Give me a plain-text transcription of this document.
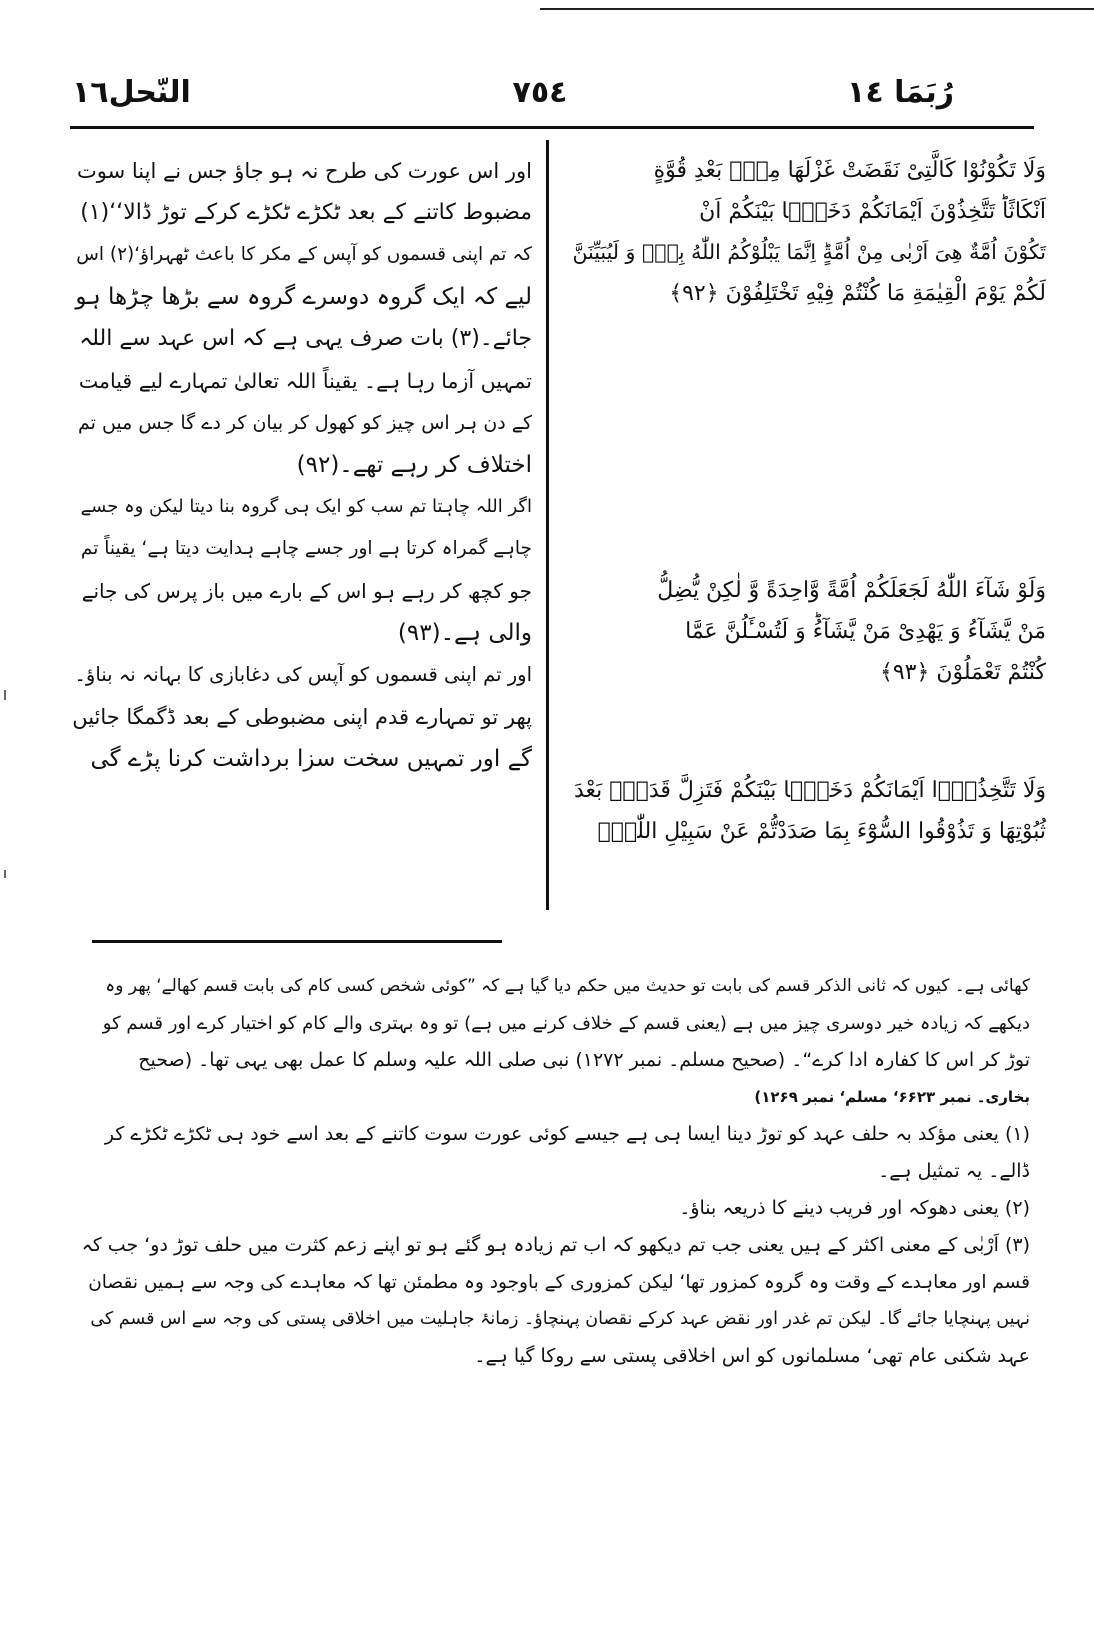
النّحل١٦	٧٥٤	رُبَمَا ١٤
وَلَا تَكُوْنُوْا كَالَّتِیْ نَقَضَتْ غَزْلَهَا مِنْۢ بَعْدِ قُوَّةٍ
اَنْكَاثًاؕ تَتَّخِذُوْنَ اَیْمَانَكُمْ دَخَلًۢا بَیْنَكُمْ اَنْ
تَكُوْنَ اُمَّةٌ هِیَ اَرْبٰی مِنْ اُمَّةٍؕ اِنَّمَا یَبْلُوْكُمُ اللّٰهُ بِهٖؕ وَ لَیُبَیِّنَنَّ
لَكُمْ یَوْمَ الْقِیٰمَةِ مَا كُنْتُمْ فِیْهِ تَخْتَلِفُوْنَ ﴿۹۲﴾
وَلَوْ شَآءَ اللّٰهُ لَجَعَلَكُمْ اُمَّةً وَّاحِدَةً وَّ لٰكِنْ یُّضِلُّ
مَنْ یَّشَآءُ وَ یَهْدِیْ مَنْ یَّشَآءُؕ وَ لَتُسْـَٔلُنَّ عَمَّا
كُنْتُمْ تَعْمَلُوْنَ ﴿۹۳﴾
وَلَا تَتَّخِذُوْۤا اَیْمَانَكُمْ دَخَلًۢا بَیْنَكُمْ فَتَزِلَّ قَدَمٌۢ بَعْدَ
ثُبُوْتِهَا وَ تَذُوْقُوا السُّوْٓءَ بِمَا صَدَدْتُّمْ عَنْ سَبِیْلِ اللّٰهِۚ
اور اس عورت کی طرح نہ ہو جاؤ جس نے اپنا سوت
مضبوط کاتنے کے بعد ٹکڑے ٹکڑے کرکے توڑ ڈالا‘‘(۱)
کہ تم اپنی قسموں کو آپس کے مکر کا باعث ٹھہراؤ‘(۲) اس
لیے کہ ایک گروہ دوسرے گروہ سے بڑھا چڑھا ہو
جائے۔(۳) بات صرف یہی ہے کہ اس عہد سے اللہ
تمہیں آزما رہا ہے۔ یقیناً اللہ تعالیٰ تمہارے لیے قیامت
کے دن ہر اس چیز کو کھول کر بیان کر دے گا جس میں تم
اختلاف کر رہے تھے۔(۹۲)
اگر اللہ چاہتا تم سب کو ایک ہی گروہ بنا دیتا لیکن وہ جسے
چاہے گمراہ کرتا ہے اور جسے چاہے ہدایت دیتا ہے‘ یقیناً تم
جو کچھ کر رہے ہو اس کے بارے میں باز پرس کی جانے
والی ہے۔(۹۳)
اور تم اپنی قسموں کو آپس کی دغابازی کا بہانہ نہ بناؤ۔
پھر تو تمہارے قدم اپنی مضبوطی کے بعد ڈگمگا جائیں
گے اور تمہیں سخت سزا برداشت کرنا پڑے گی
کھائی ہے۔ کیوں کہ ثانی الذکر قسم کی بابت تو حدیث میں حکم دیا گیا ہے کہ ”کوئی شخص کسی کام کی بابت قسم کھالے‘ پھر وہ
دیکھے کہ زیادہ خیر دوسری چیز میں ہے (یعنی قسم کے خلاف کرنے میں ہے) تو وہ بہتری والے کام کو اختیار کرے اور قسم کو
توڑ کر اس کا کفارہ ادا کرے“۔ (صحیح مسلم۔ نمبر ۱۲۷۲) نبی صلی اللہ علیہ وسلم کا عمل بھی یہی تھا۔ (صحیح
بخاری۔ نمبر ۶۶۲۳‘ مسلم‘ نمبر ۱۲۶۹)
(۱) یعنی مؤکد بہ حلف عہد کو توڑ دینا ایسا ہی ہے جیسے کوئی عورت سوت کاتنے کے بعد اسے خود ہی ٹکڑے ٹکڑے کر
ڈالے۔ یہ تمثیل ہے۔
(۲) یعنی دھوکہ اور فریب دینے کا ذریعہ بناؤ۔
(۳) اَرْبٰی کے معنی اکثر کے ہیں یعنی جب تم دیکھو کہ اب تم زیادہ ہو گئے ہو تو اپنے زعم کثرت میں حلف توڑ دو‘ جب کہ
قسم اور معاہدے کے وقت وہ گروہ کمزور تھا‘ لیکن کمزوری کے باوجود وہ مطمئن تھا کہ معاہدے کی وجہ سے ہمیں نقصان
نہیں پہنچایا جائے گا۔ لیکن تم غدر اور نقض عہد کرکے نقصان پہنچاؤ۔ زمانۂ جاہلیت میں اخلاقی پستی کی وجہ سے اس قسم کی
عہد شکنی عام تھی‘ مسلمانوں کو اس اخلاقی پستی سے روکا گیا ہے۔
